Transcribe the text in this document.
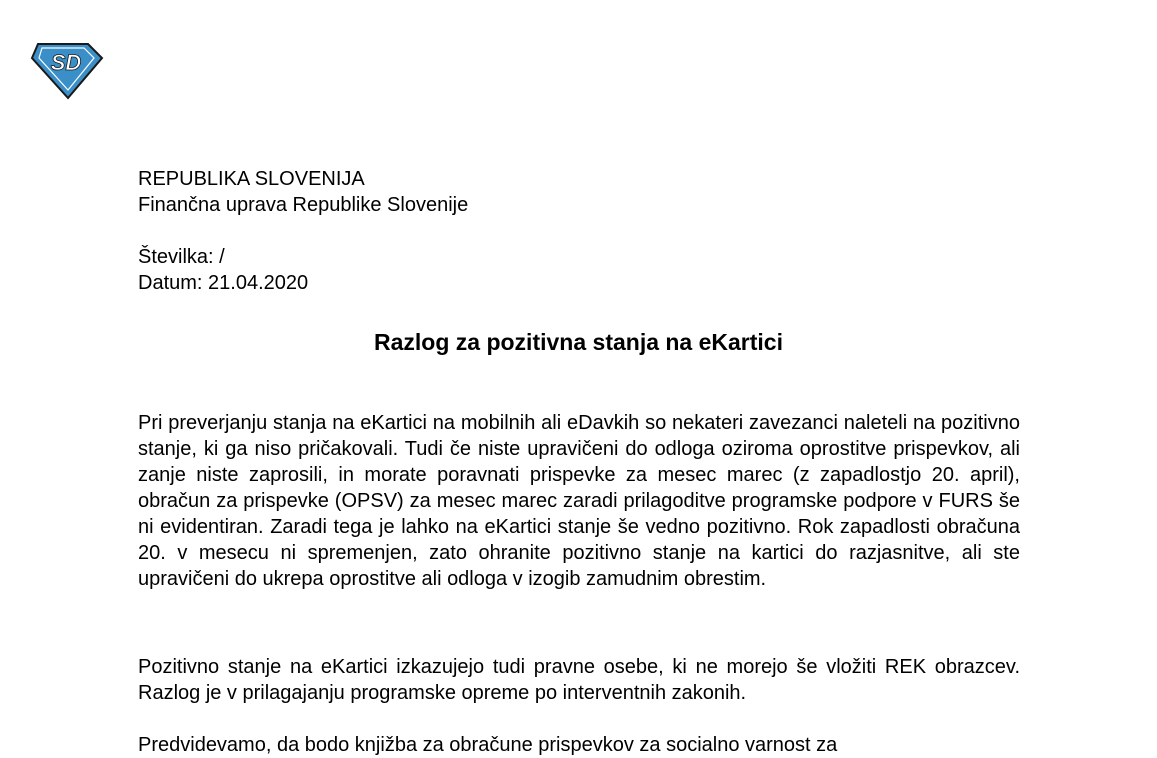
SD
REPUBLIKA SLOVENIJA
Finančna uprava Republike Slovenije
Številka: /
Datum: 21.04.2020
Razlog za pozitivna stanja na eKartici

Pri preverjanju stanja na eKartici na mobilnih ali eDavkih so nekateri zavezanci naleteli na pozitivno stanje, ki ga niso pričakovali. Tudi če niste upravičeni do odloga oziroma oprostitve prispevkov, ali zanje niste zaprosili, in morate poravnati prispevke za mesec marec (z zapadlostjo 20. april), obračun za prispevke (OPSV) za mesec marec zaradi prilagoditve programske podpore v FURS še ni evidentiran. Zaradi tega je lahko na eKartici stanje še vedno pozitivno. Rok zapadlosti obračuna 20. v mesecu ni spremenjen, zato ohranite pozitivno stanje na kartici do razjasnitve, ali ste upravičeni do ukrepa oprostitve ali odloga v izogib zamudnim obrestim.

Pozitivno stanje na eKartici izkazujejo tudi pravne osebe, ki ne morejo še vložiti REK obrazcev. Razlog je v prilagajanju programske opreme po interventnih zakonih.

Predvidevamo, da bodo knjižba za obračune prispevkov za socialno varnost za
